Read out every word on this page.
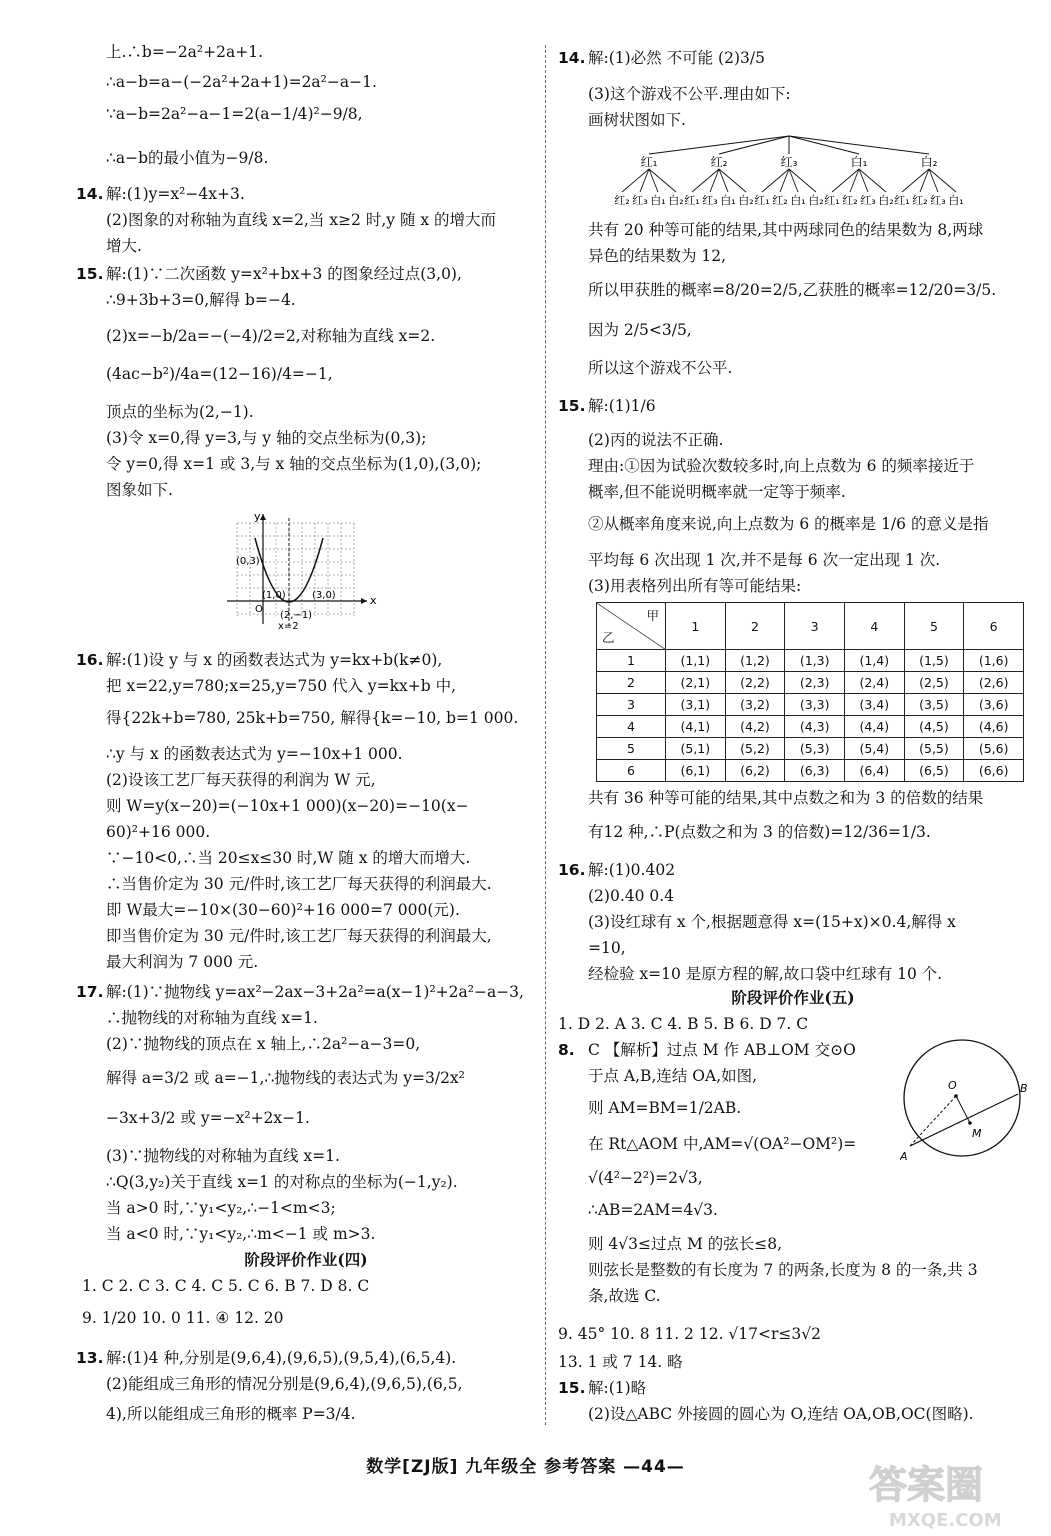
上.∴b=−2a²+2a+1.
∴a−b=a−(−2a²+2a+1)=2a²−a−1.
∵a−b=2a²−a−1=2(a−1/4)²−9/8,
∴a−b的最小值为−9/8.
14. 解:(1)y=x²−4x+3.
(2)图象的对称轴为直线 x=2,当 x≥2 时,y 随 x 的增大而
增大.
15. 解:(1)∵二次函数 y=x²+bx+3 的图象经过点(3,0),
∴9+3b+3=0,解得 b=−4.
(2)x=−b/2a=−(−4)/2=2,对称轴为直线 x=2.
(4ac−b²)/4a=(12−16)/4=−1,
顶点的坐标为(2,−1).
(3)令 x=0,得 y=3,与 y 轴的交点坐标为(0,3);
令 y=0,得 x=1 或 3,与 x 轴的交点坐标为(1,0),(3,0);
图象如下.
y
x
O
(0,3)
(1,0)	(3,0)
(2,−1)
x=2
16. 解:(1)设 y 与 x 的函数表达式为 y=kx+b(k≠0),
把 x=22,y=780;x=25,y=750 代入 y=kx+b 中,
得{22k+b=780, 25k+b=750, 解得{k=−10, b=1 000.
∴y 与 x 的函数表达式为 y=−10x+1 000.
(2)设该工艺厂每天获得的利润为 W 元,
则 W=y(x−20)=(−10x+1 000)(x−20)=−10(x−
60)²+16 000.
∵−10<0,∴当 20≤x≤30 时,W 随 x 的增大而增大.
∴当售价定为 30 元/件时,该工艺厂每天获得的利润最大.
即 W最大=−10×(30−60)²+16 000=7 000(元).
即当售价定为 30 元/件时,该工艺厂每天获得的利润最大,
最大利润为 7 000 元.
17. 解:(1)∵抛物线 y=ax²−2ax−3+2a²=a(x−1)²+2a²−a−3,
∴抛物线的对称轴为直线 x=1.
(2)∵抛物线的顶点在 x 轴上,∴2a²−a−3=0,
解得 a=3/2 或 a=−1,∴抛物线的表达式为 y=3/2x²
−3x+3/2 或 y=−x²+2x−1.
(3)∵抛物线的对称轴为直线 x=1.
∴Q(3,y₂)关于直线 x=1 的对称点的坐标为(−1,y₂).
当 a>0 时,∵y₁<y₂,∴−1<m<3;
当 a<0 时,∵y₁<y₂,∴m<−1 或 m>3.
阶段评价作业(四)
1. C 2. C 3. C 4. C 5. C 6. B 7. D 8. C
9. 1/20 10. 0 11. ④ 12. 20
13. 解:(1)4 种,分别是(9,6,4),(9,6,5),(9,5,4),(6,5,4).
(2)能组成三角形的情况分别是(9,6,4),(9,6,5),(6,5,
4),所以能组成三角形的概率 P=3/4.
14. 解:(1)必然 不可能 (2)3/5
(3)这个游戏不公平.理由如下:
画树状图如下.
红₁
红₂ 红₃ 白₁ 白₂
红₂
红₁ 红₃ 白₁ 白₂
红₃
红₁ 红₂ 白₁ 白₂
白₁
红₁ 红₂ 红₃ 白₂
白₂
红₁ 红₂ 红₃ 白₁
共有 20 种等可能的结果,其中两球同色的结果数为 8,两球
异色的结果数为 12,
所以甲获胜的概率=8/20=2/5,乙获胜的概率=12/20=3/5.
因为 2/5<3/5,
所以这个游戏不公平.
15. 解:(1)1/6
(2)丙的说法不正确.
理由:①因为试验次数较多时,向上点数为 6 的频率接近于
概率,但不能说明概率就一定等于频率.
②从概率角度来说,向上点数为 6 的概率是 1/6 的意义是指
平均每 6 次出现 1 次,并不是每 6 次一定出现 1 次.
(3)用表格列出所有等可能结果:
甲
乙	1	2	3	4	5	6
1	(1,1)	(1,2)	(1,3)	(1,4)	(1,5)	(1,6)
2	(2,1)	(2,2)	(2,3)	(2,4)	(2,5)	(2,6)
3	(3,1)	(3,2)	(3,3)	(3,4)	(3,5)	(3,6)
4	(4,1)	(4,2)	(4,3)	(4,4)	(4,5)	(4,6)
5	(5,1)	(5,2)	(5,3)	(5,4)	(5,5)	(5,6)
6	(6,1)	(6,2)	(6,3)	(6,4)	(6,5)	(6,6)
共有 36 种等可能的结果,其中点数之和为 3 的倍数的结果
有12 种,∴P(点数之和为 3 的倍数)=12/36=1/3.
16. 解:(1)0.402
(2)0.40 0.4
(3)设红球有 x 个,根据题意得 x=(15+x)×0.4,解得 x
=10,
经检验 x=10 是原方程的解,故口袋中红球有 10 个.
阶段评价作业(五)
1. D 2. A 3. C 4. B 5. B 6. D 7. C
8. C 【解析】过点 M 作 AB⊥OM 交⊙O
于点 A,B,连结 OA,如图,
则 AM=BM=1/2AB.
在 Rt△AOM 中,AM=√(OA²−OM²)=
√(4²−2²)=2√3,
∴AB=2AM=4√3.
则 4√3≤过点 M 的弦长≤8,
则弦长是整数的有长度为 7 的两条,长度为 8 的一条,共 3
条,故选 C.
O
M
A
B
9. 45° 10. 8 11. 2 12. √17<r≤3√2
13. 1 或 7 14. 略
15. 解:(1)略
(2)设△ABC 外接圆的圆心为 O,连结 OA,OB,OC(图略).
数学[ZJ版] 九年级全 参考答案 —44—	答案圈
MXQE.COM
